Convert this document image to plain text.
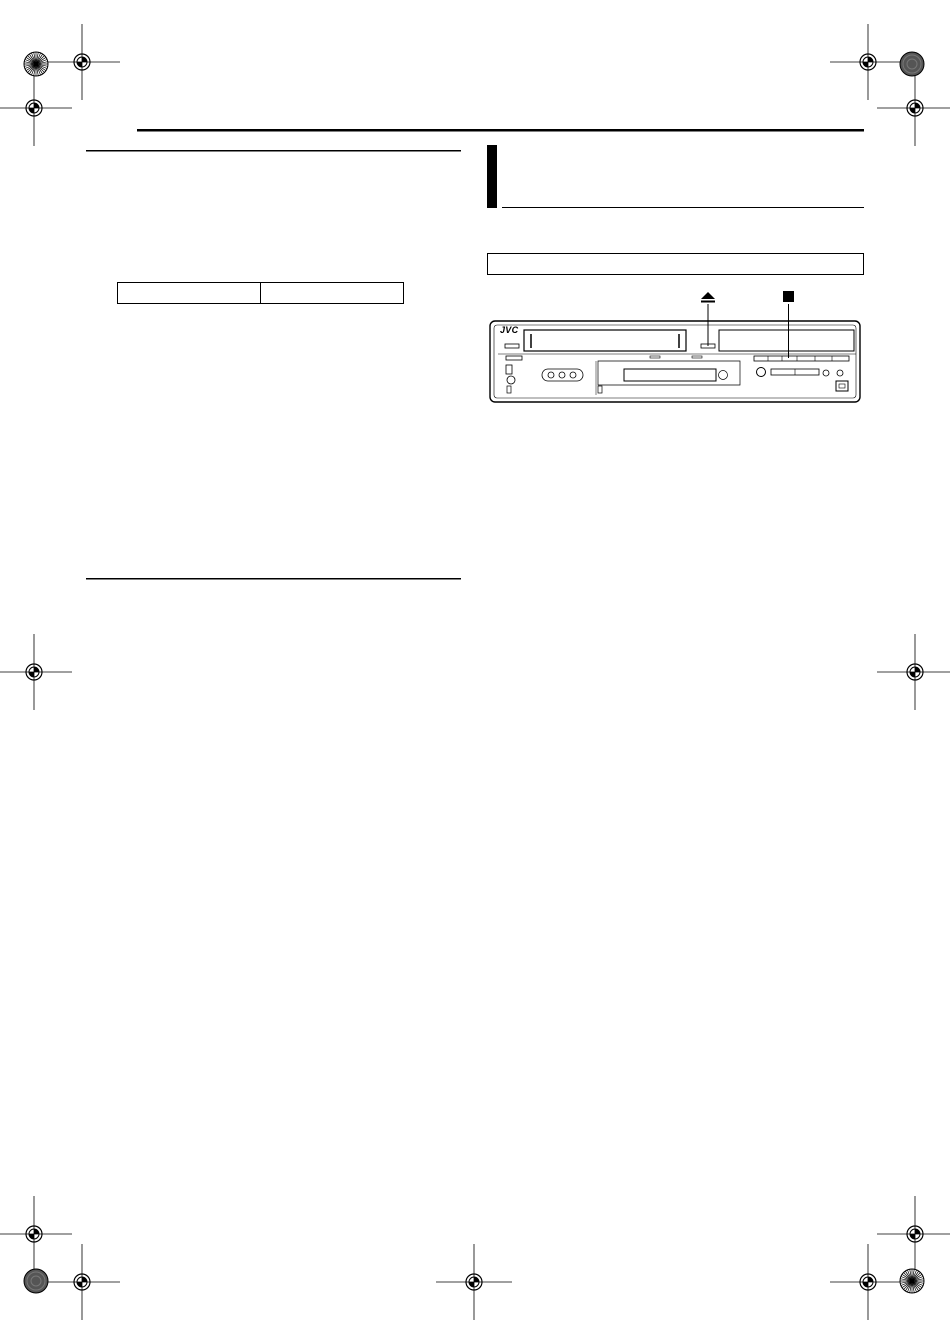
JVC
